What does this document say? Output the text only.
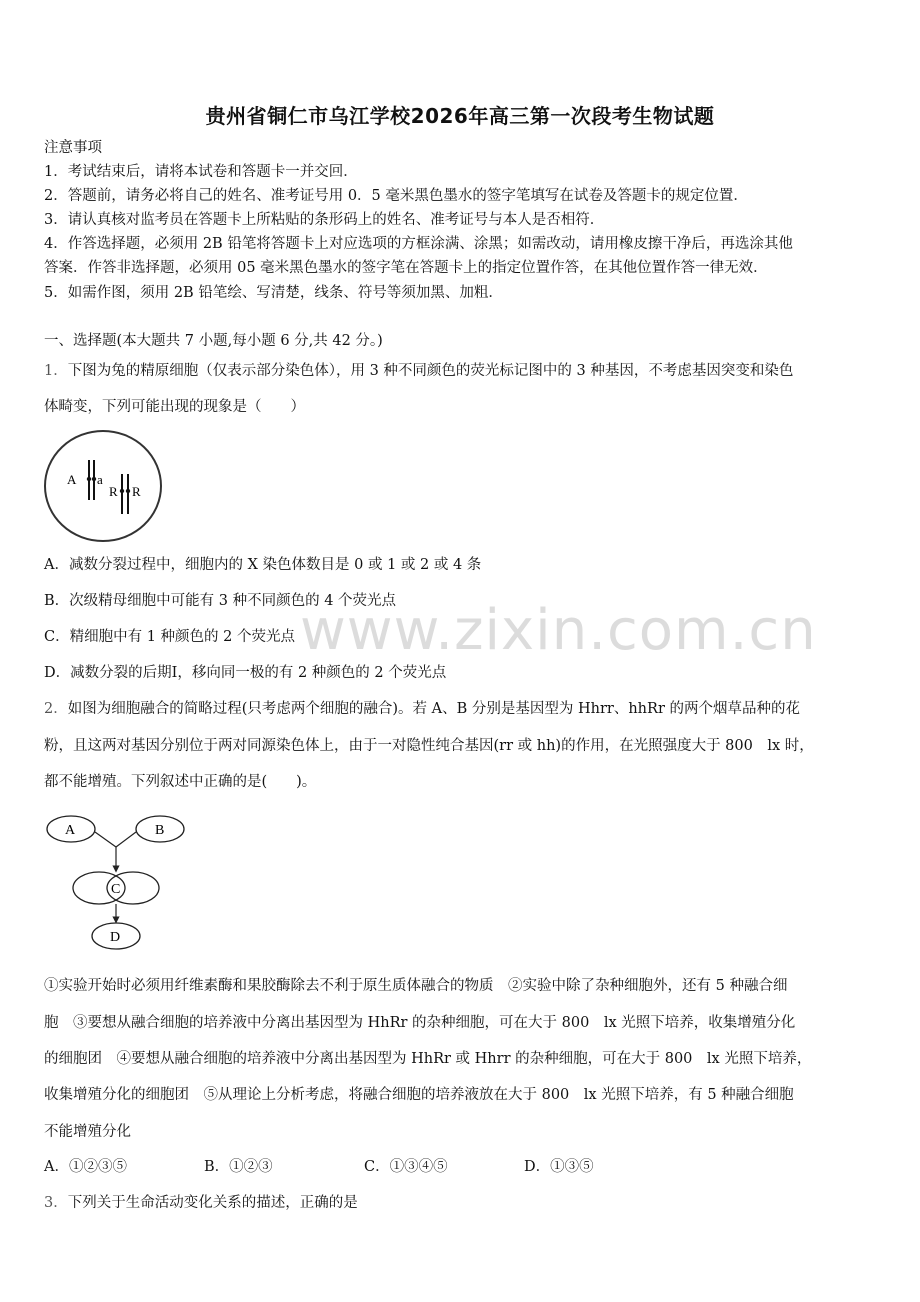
www.zixin.com.cn
贵州省铜仁市乌江学校2026年高三第一次段考生物试题
注意事项
1．考试结束后，请将本试卷和答题卡一并交回．
2．答题前，请务必将自己的姓名、准考证号用 0．5 毫米黑色墨水的签字笔填写在试卷及答题卡的规定位置．
3．请认真核对监考员在答题卡上所粘贴的条形码上的姓名、准考证号与本人是否相符．
4．作答选择题，必须用 2B 铅笔将答题卡上对应选项的方框涂满、涂黑；如需改动，请用橡皮擦干净后，再选涂其他
答案．作答非选择题，必须用 05 毫米黑色墨水的签字笔在答题卡上的指定位置作答，在其他位置作答一律无效．
5．如需作图，须用 2B 铅笔绘、写清楚，线条、符号等须加黑、加粗．
一、选择题(本大题共 7 小题,每小题 6 分,共 42 分。)
1．下图为兔的精原细胞（仅表示部分染色体），用 3 种不同颜色的荧光标记图中的 3 种基因，不考虑基因突变和染色
体畸变，下列可能出现的现象是（　　）
A a
R R
A．减数分裂过程中，细胞内的 X 染色体数目是 0 或 1 或 2 或 4 条
B．次级精母细胞中可能有 3 种不同颜色的 4 个荧光点
C．精细胞中有 1 种颜色的 2 个荧光点
D．减数分裂的后期Ⅰ，移向同一极的有 2 种颜色的 2 个荧光点
2．如图为细胞融合的简略过程(只考虑两个细胞的融合)。若 A、B 分别是基因型为 Hhrr、hhRr 的两个烟草品种的花
粉，且这两对基因分别位于两对同源染色体上，由于一对隐性纯合基因(rr 或 hh)的作用，在光照强度大于 800　lx 时，
都不能增殖。下列叙述中正确的是(　　)。
A	B
C
D
①实验开始时必须用纤维素酶和果胶酶除去不利于原生质体融合的物质　②实验中除了杂种细胞外，还有 5 种融合细
胞　③要想从融合细胞的培养液中分离出基因型为 HhRr 的杂种细胞，可在大于 800　lx 光照下培养，收集增殖分化
的细胞团　④要想从融合细胞的培养液中分离出基因型为 HhRr 或 Hhrr 的杂种细胞，可在大于 800　lx 光照下培养，
收集增殖分化的细胞团　⑤从理论上分析考虑，将融合细胞的培养液放在大于 800　lx 光照下培养，有 5 种融合细胞
不能增殖分化
A．①②③⑤	B．①②③	C．①③④⑤	D．①③⑤
3．下列关于生命活动变化关系的描述，正确的是
